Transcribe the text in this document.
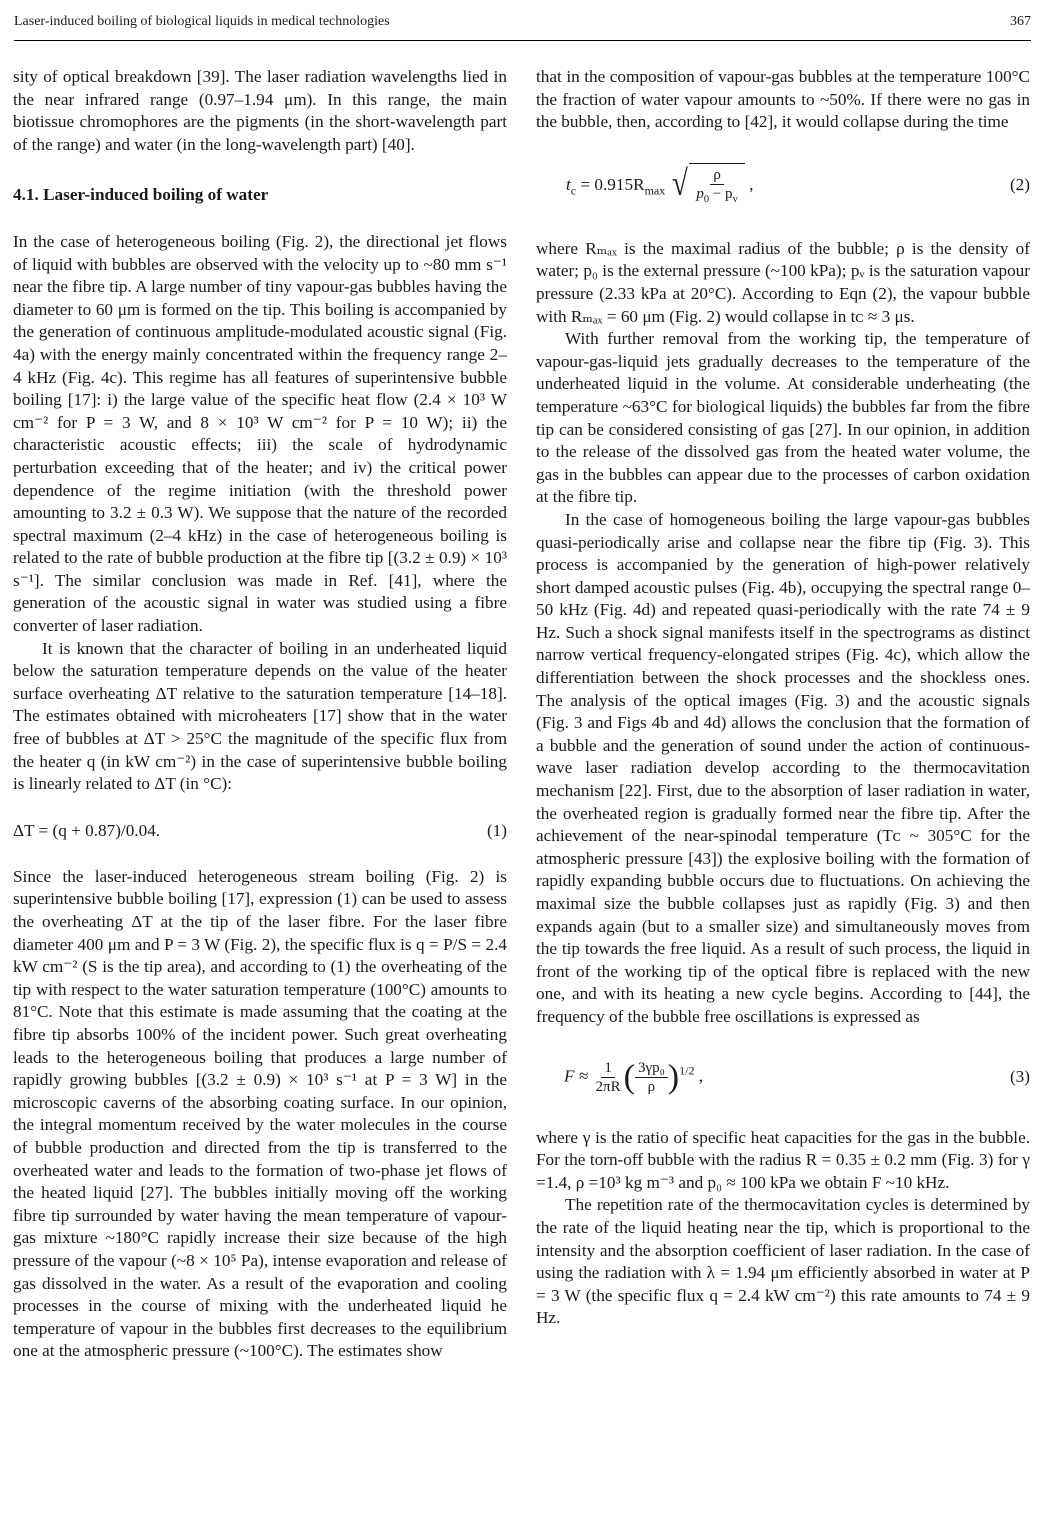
Laser-induced boiling of biological liquids in medical technologies	367

sity of optical breakdown [39]. The laser radiation wavelengths lied in the near infrared range (0.97–1.94 μm). In this range, the main biotissue chromophores are the pigments (in the short-wavelength part of the range) and water (in the long-wavelength part) [40].

4.1. Laser-induced boiling of water

In the case of heterogeneous boiling (Fig. 2), the directional jet flows of liquid with bubbles are observed with the velocity up to ~80 mm s⁻¹ near the fibre tip. A large number of tiny vapour-gas bubbles having the diameter to 60 μm is formed on the tip. This boiling is accompanied by the generation of continuous amplitude-modulated acoustic signal (Fig. 4a) with the energy mainly concentrated within the frequency range 2–4 kHz (Fig. 4c). This regime has all features of superintensive bubble boiling [17]: i) the large value of the specific heat flow (2.4 × 10³ W cm⁻² for P = 3 W, and 8 × 10³ W cm⁻² for P = 10 W); ii) the characteristic acoustic effects; iii) the scale of hydrodynamic perturbation exceeding that of the heater; and iv) the critical power dependence of the regime initiation (with the threshold power amounting to 3.2 ± 0.3 W). We suppose that the nature of the recorded spectral maximum (2–4 kHz) in the case of heterogeneous boiling is related to the rate of bubble production at the fibre tip [(3.2 ± 0.9) × 10³ s⁻¹]. The similar conclusion was made in Ref. [41], where the generation of the acoustic signal in water was studied using a fibre converter of laser radiation.

It is known that the character of boiling in an underheated liquid below the saturation temperature depends on the value of the heater surface overheating ΔT relative to the saturation temperature [14–18]. The estimates obtained with microheaters [17] show that in the water free of bubbles at ΔT > 25°C the magnitude of the specific flux from the heater q (in kW cm⁻²) in the case of superintensive bubble boiling is linearly related to ΔT (in °C):

ΔT = (q + 0.87)/0.04.	(1)

Since the laser-induced heterogeneous stream boiling (Fig. 2) is superintensive bubble boiling [17], expression (1) can be used to assess the overheating ΔT at the tip of the laser fibre. For the laser fibre diameter 400 μm and P = 3 W (Fig. 2), the specific flux is q = P/S = 2.4 kW cm⁻² (S is the tip area), and according to (1) the overheating of the tip with respect to the water saturation temperature (100°C) amounts to 81°C. Note that this estimate is made assuming that the coating at the fibre tip absorbs 100% of the incident power. Such great overheating leads to the heterogeneous boiling that produces a large number of rapidly growing bubbles [(3.2 ± 0.9) × 10³ s⁻¹ at P = 3 W] in the microscopic caverns of the absorbing coating surface. In our opinion, the integral momentum received by the water molecules in the course of bubble production and directed from the tip is transferred to the overheated water and leads to the formation of two-phase jet flows of the heated liquid [27]. The bubbles initially moving off the working fibre tip surrounded by water having the mean temperature of vapour-gas mixture ~180°C rapidly increase their size because of the high pressure of the vapour (~8 × 10⁵ Pa), intense evaporation and release of gas dissolved in the water. As a result of the evaporation and cooling processes in the course of mixing with the underheated liquid he temperature of vapour in the bubbles first decreases to the equilibrium one at the atmospheric pressure (~100°C). The estimates show

that in the composition of vapour-gas bubbles at the temperature 100°C the fraction of water vapour amounts to ~50%. If there were no gas in the bubble, then, according to [42], it would collapse during the time

$t_c = 0.915R_{max}$ √ $\frac{\rho}{p_0 - p_v}$ ,	(2)

where Rₘₐₓ is the maximal radius of the bubble; ρ is the density of water; p₀ is the external pressure (~100 kPa); pᵥ is the saturation vapour pressure (2.33 kPa at 20°C). According to Eqn (2), the vapour bubble with Rₘₐₓ = 60 μm (Fig. 2) would collapse in tᴄ ≈ 3 μs.

With further removal from the working tip, the temperature of vapour-gas-liquid jets gradually decreases to the temperature of the underheated liquid in the volume. At considerable underheating (the temperature ~63°C for biological liquids) the bubbles far from the fibre tip can be considered consisting of gas [27]. In our opinion, in addition to the release of the dissolved gas from the heated water volume, the gas in the bubbles can appear due to the processes of carbon oxidation at the fibre tip.

In the case of homogeneous boiling the large vapour-gas bubbles quasi-periodically arise and collapse near the fibre tip (Fig. 3). This process is accompanied by the generation of high-power relatively short damped acoustic pulses (Fig. 4b), occupying the spectral range 0–50 kHz (Fig. 4d) and repeated quasi-periodically with the rate 74 ± 9 Hz. Such a shock signal manifests itself in the spectrograms as distinct narrow vertical frequency-elongated stripes (Fig. 4c), which allow the differentiation between the shock processes and the shockless ones. The analysis of the optical images (Fig. 3) and the acoustic signals (Fig. 3 and Figs 4b and 4d) allows the conclusion that the formation of a bubble and the generation of sound under the action of continuous-wave laser radiation develop according to the thermocavitation mechanism [22]. First, due to the absorption of laser radiation in water, the overheated region is gradually formed near the fibre tip. After the achievement of the near-spinodal temperature (Tᴄ ~ 305°C for the atmospheric pressure [43]) the explosive boiling with the formation of rapidly expanding bubble occurs due to fluctuations. On achieving the maximal size the bubble collapses just as rapidly (Fig. 3) and then expands again (but to a smaller size) and simultaneously moves from the tip towards the free liquid. As a result of such process, the liquid in front of the working tip of the optical fibre is replaced with the new one, and with its heating a new cycle begins. According to [44], the frequency of the bubble free oscillations is expressed as

$F \approx \frac{1}{2\pi R}$ ( $\frac{\text{3γp₀}}{\rho} )^{1/2}$ ,	(3)

where γ is the ratio of specific heat capacities for the gas in the bubble. For the torn-off bubble with the radius R = 0.35 ± 0.2 mm (Fig. 3) for γ =1.4, ρ =10³ kg m⁻³ and p₀ ≈ 100 kPa we obtain F ~10 kHz.

The repetition rate of the thermocavitation cycles is determined by the rate of the liquid heating near the tip, which is proportional to the intensity and the absorption coefficient of laser radiation. In the case of using the radiation with λ = 1.94 μm efficiently absorbed in water at P = 3 W (the specific flux q = 2.4 kW cm⁻²) this rate amounts to 74 ± 9 Hz.
